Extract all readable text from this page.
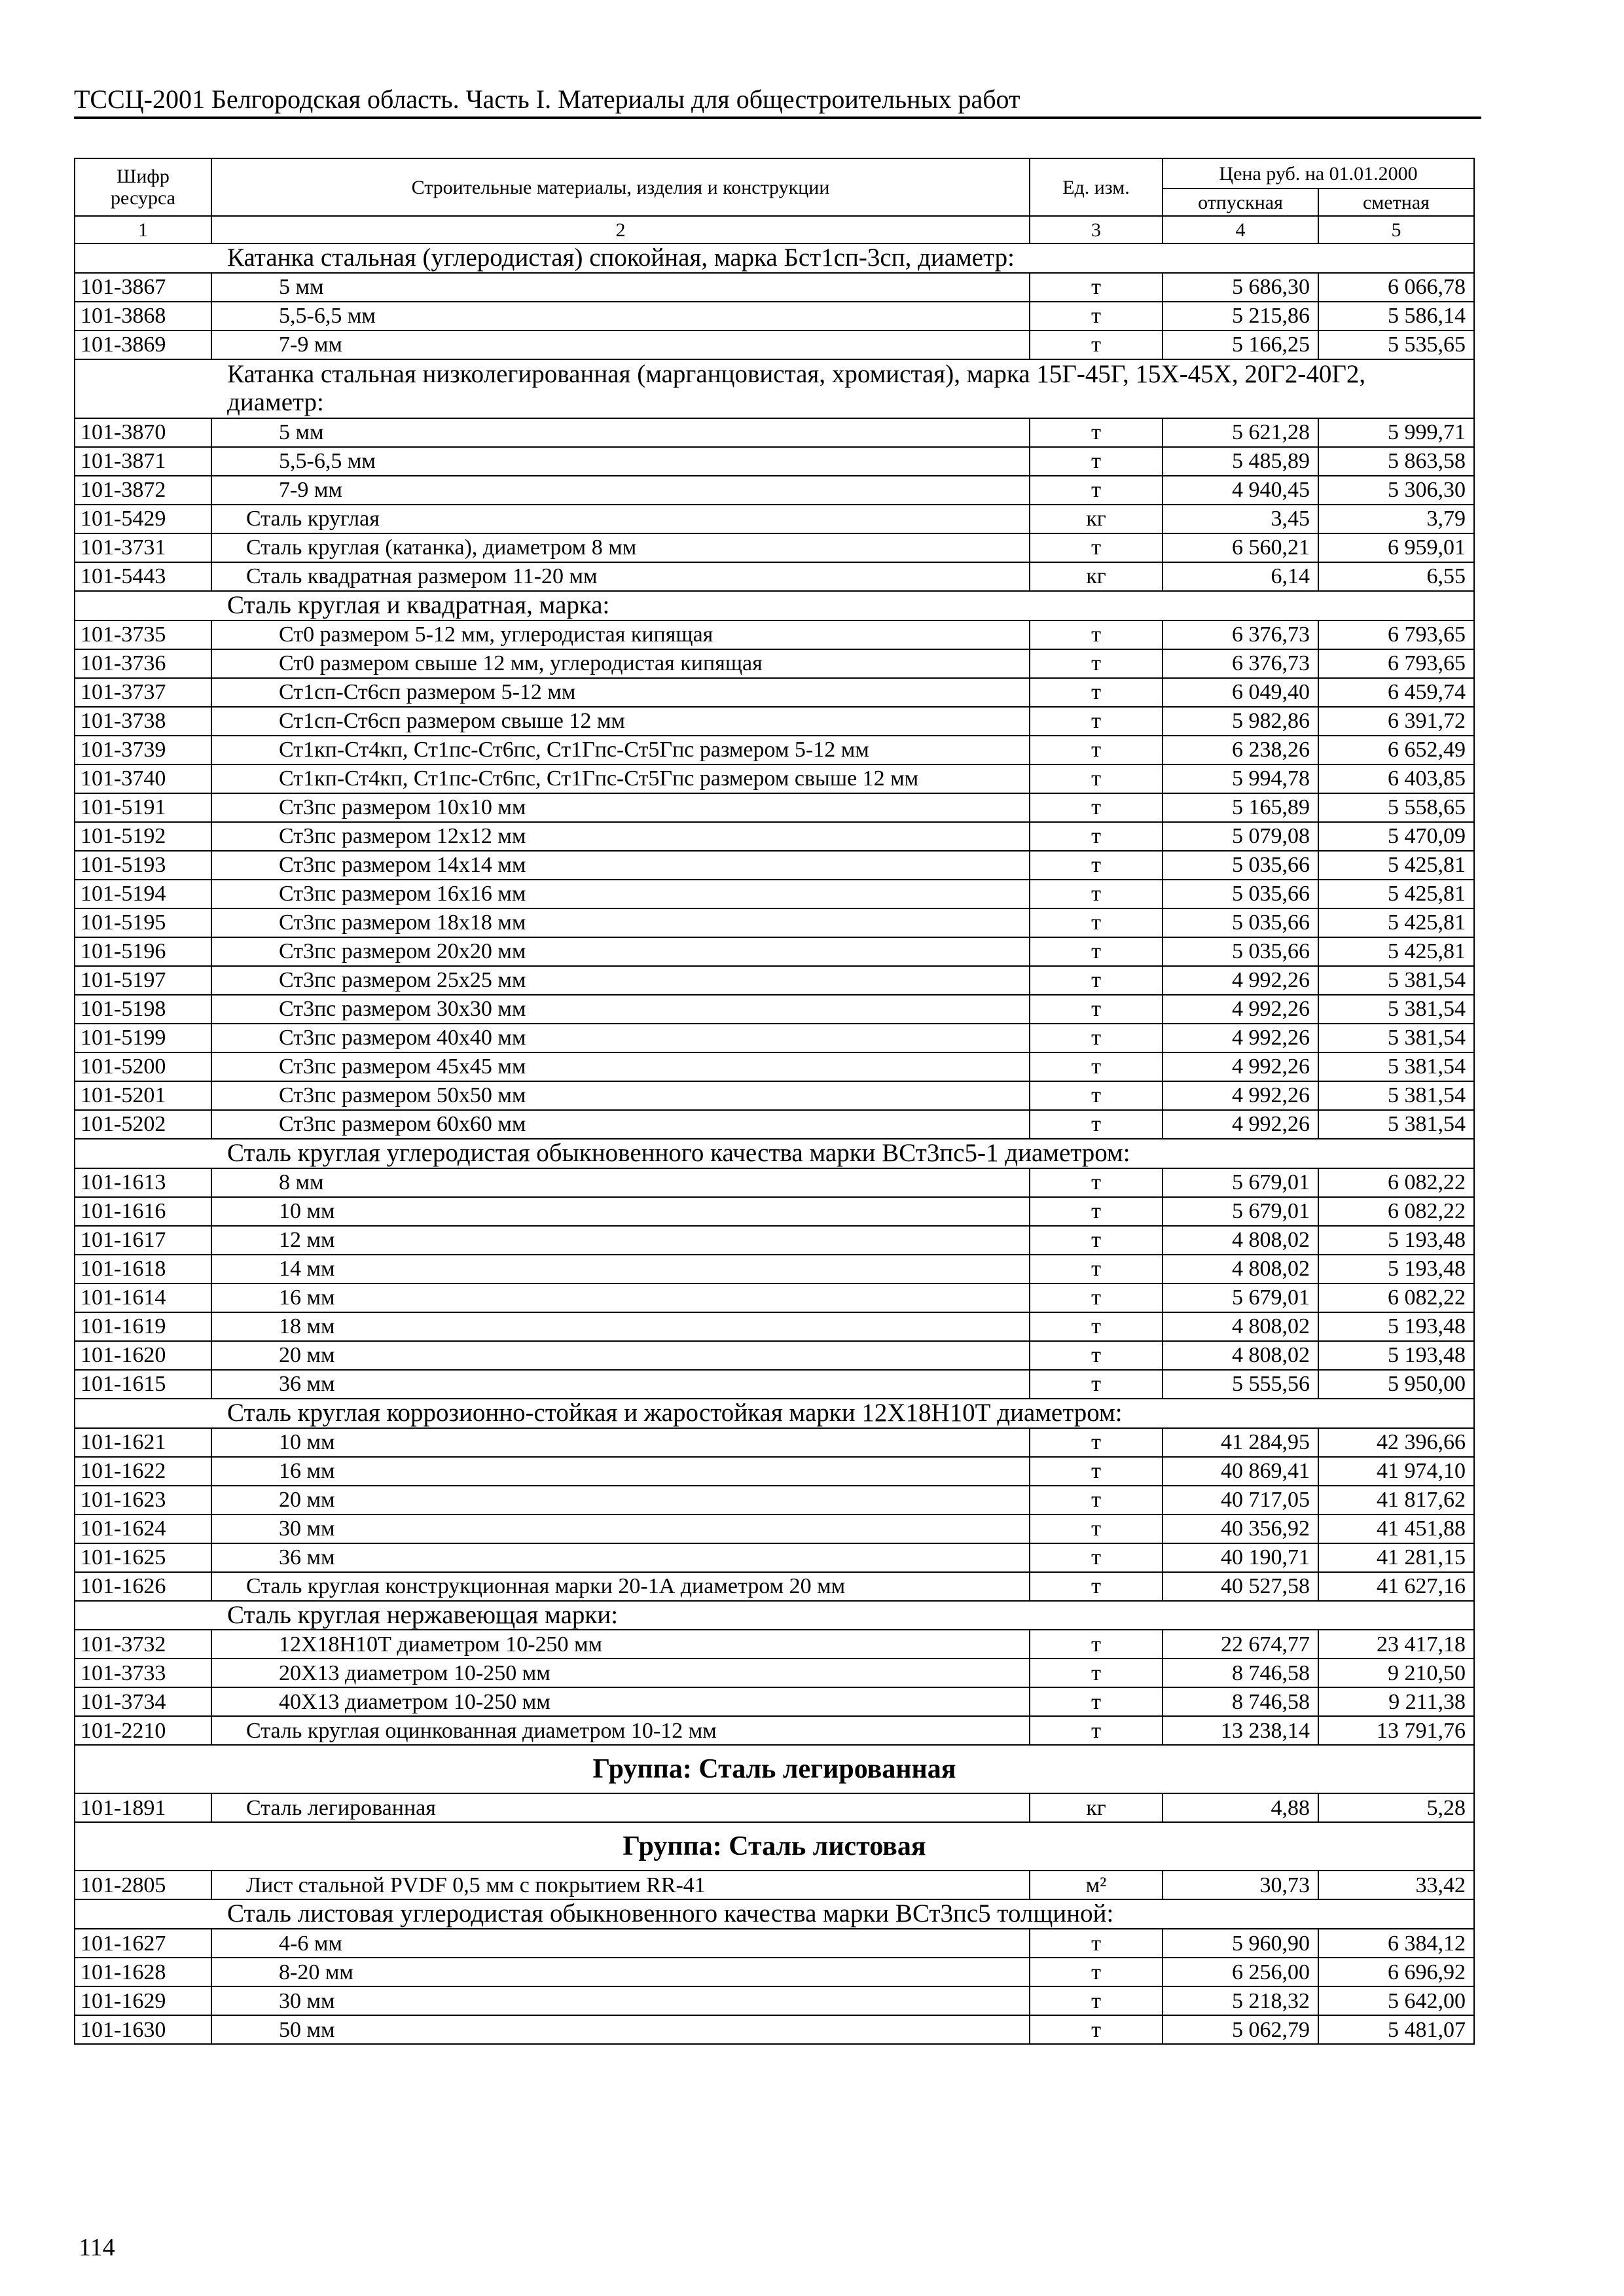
ТССЦ-2001 Белгородская область. Часть I. Материалы для общестроительных работ
Шифр ресурса	Строительные материалы, изделия и конструкции	Ед. изм.	Цена руб. на 01.01.2000	
			отпускная	сметная
1	2	3	4	5
Катанка стальная (углеродистая) спокойная, марка Бст1сп-3сп, диаметр:				
101-3867	5 мм	т	5 686,30	6 066,78
101-3868	5,5-6,5 мм	т	5 215,86	5 586,14
101-3869	7-9 мм	т	5 166,25	5 535,65
Катанка стальная низколегированная (марганцовистая, хромистая), марка 15Г-45Г, 15Х-45Х, 20Г2-40Г2, диаметр:				
101-3870	5 мм	т	5 621,28	5 999,71
101-3871	5,5-6,5 мм	т	5 485,89	5 863,58
101-3872	7-9 мм	т	4 940,45	5 306,30
101-5429	Сталь круглая	кг	3,45	3,79
101-3731	Сталь круглая (катанка), диаметром 8 мм	т	6 560,21	6 959,01
101-5443	Сталь квадратная размером 11-20 мм	кг	6,14	6,55
Сталь круглая и квадратная, марка:				
101-3735	Ст0 размером 5-12 мм, углеродистая кипящая	т	6 376,73	6 793,65
101-3736	Ст0 размером свыше 12 мм, углеродистая кипящая	т	6 376,73	6 793,65
101-3737	Ст1сп-Ст6сп размером 5-12 мм	т	6 049,40	6 459,74
101-3738	Ст1сп-Ст6сп размером свыше 12 мм	т	5 982,86	6 391,72
101-3739	Ст1кп-Ст4кп, Ст1пс-Ст6пс, Ст1Гпс-Ст5Гпс размером 5-12 мм	т	6 238,26	6 652,49
101-3740	Ст1кп-Ст4кп, Ст1пс-Ст6пс, Ст1Гпс-Ст5Гпс размером свыше 12 мм	т	5 994,78	6 403,85
101-5191	Ст3пс размером 10х10 мм	т	5 165,89	5 558,65
101-5192	Ст3пс размером 12х12 мм	т	5 079,08	5 470,09
101-5193	Ст3пс размером 14х14 мм	т	5 035,66	5 425,81
101-5194	Ст3пс размером 16х16 мм	т	5 035,66	5 425,81
101-5195	Ст3пс размером 18х18 мм	т	5 035,66	5 425,81
101-5196	Ст3пс размером 20х20 мм	т	5 035,66	5 425,81
101-5197	Ст3пс размером 25х25 мм	т	4 992,26	5 381,54
101-5198	Ст3пс размером 30х30 мм	т	4 992,26	5 381,54
101-5199	Ст3пс размером 40х40 мм	т	4 992,26	5 381,54
101-5200	Ст3пс размером 45х45 мм	т	4 992,26	5 381,54
101-5201	Ст3пс размером 50х50 мм	т	4 992,26	5 381,54
101-5202	Ст3пс размером 60х60 мм	т	4 992,26	5 381,54
Сталь круглая углеродистая обыкновенного качества марки ВСт3пс5-1 диаметром:				
101-1613	8 мм	т	5 679,01	6 082,22
101-1616	10 мм	т	5 679,01	6 082,22
101-1617	12 мм	т	4 808,02	5 193,48
101-1618	14 мм	т	4 808,02	5 193,48
101-1614	16 мм	т	5 679,01	6 082,22
101-1619	18 мм	т	4 808,02	5 193,48
101-1620	20 мм	т	4 808,02	5 193,48
101-1615	36 мм	т	5 555,56	5 950,00
Сталь круглая коррозионно-стойкая и жаростойкая марки 12Х18Н10Т диаметром:				
101-1621	10 мм	т	41 284,95	42 396,66
101-1622	16 мм	т	40 869,41	41 974,10
101-1623	20 мм	т	40 717,05	41 817,62
101-1624	30 мм	т	40 356,92	41 451,88
101-1625	36 мм	т	40 190,71	41 281,15
101-1626	Сталь круглая конструкционная марки 20-1А диаметром 20 мм	т	40 527,58	41 627,16
Сталь круглая нержавеющая марки:				
101-3732	12Х18Н10Т диаметром 10-250 мм	т	22 674,77	23 417,18
101-3733	20Х13 диаметром 10-250 мм	т	8 746,58	9 210,50
101-3734	40Х13 диаметром 10-250 мм	т	8 746,58	9 211,38
101-2210	Сталь круглая оцинкованная диаметром 10-12 мм	т	13 238,14	13 791,76
Группа: Сталь легированная				
101-1891	Сталь легированная	кг	4,88	5,28
Группа: Сталь листовая				
101-2805	Лист стальной PVDF 0,5 мм с покрытием RR-41	м²	30,73	33,42
Сталь листовая углеродистая обыкновенного качества марки ВСт3пс5 толщиной:				
101-1627	4-6 мм	т	5 960,90	6 384,12
101-1628	8-20 мм	т	6 256,00	6 696,92
101-1629	30 мм	т	5 218,32	5 642,00
101-1630	50 мм	т	5 062,79	5 481,07
114
